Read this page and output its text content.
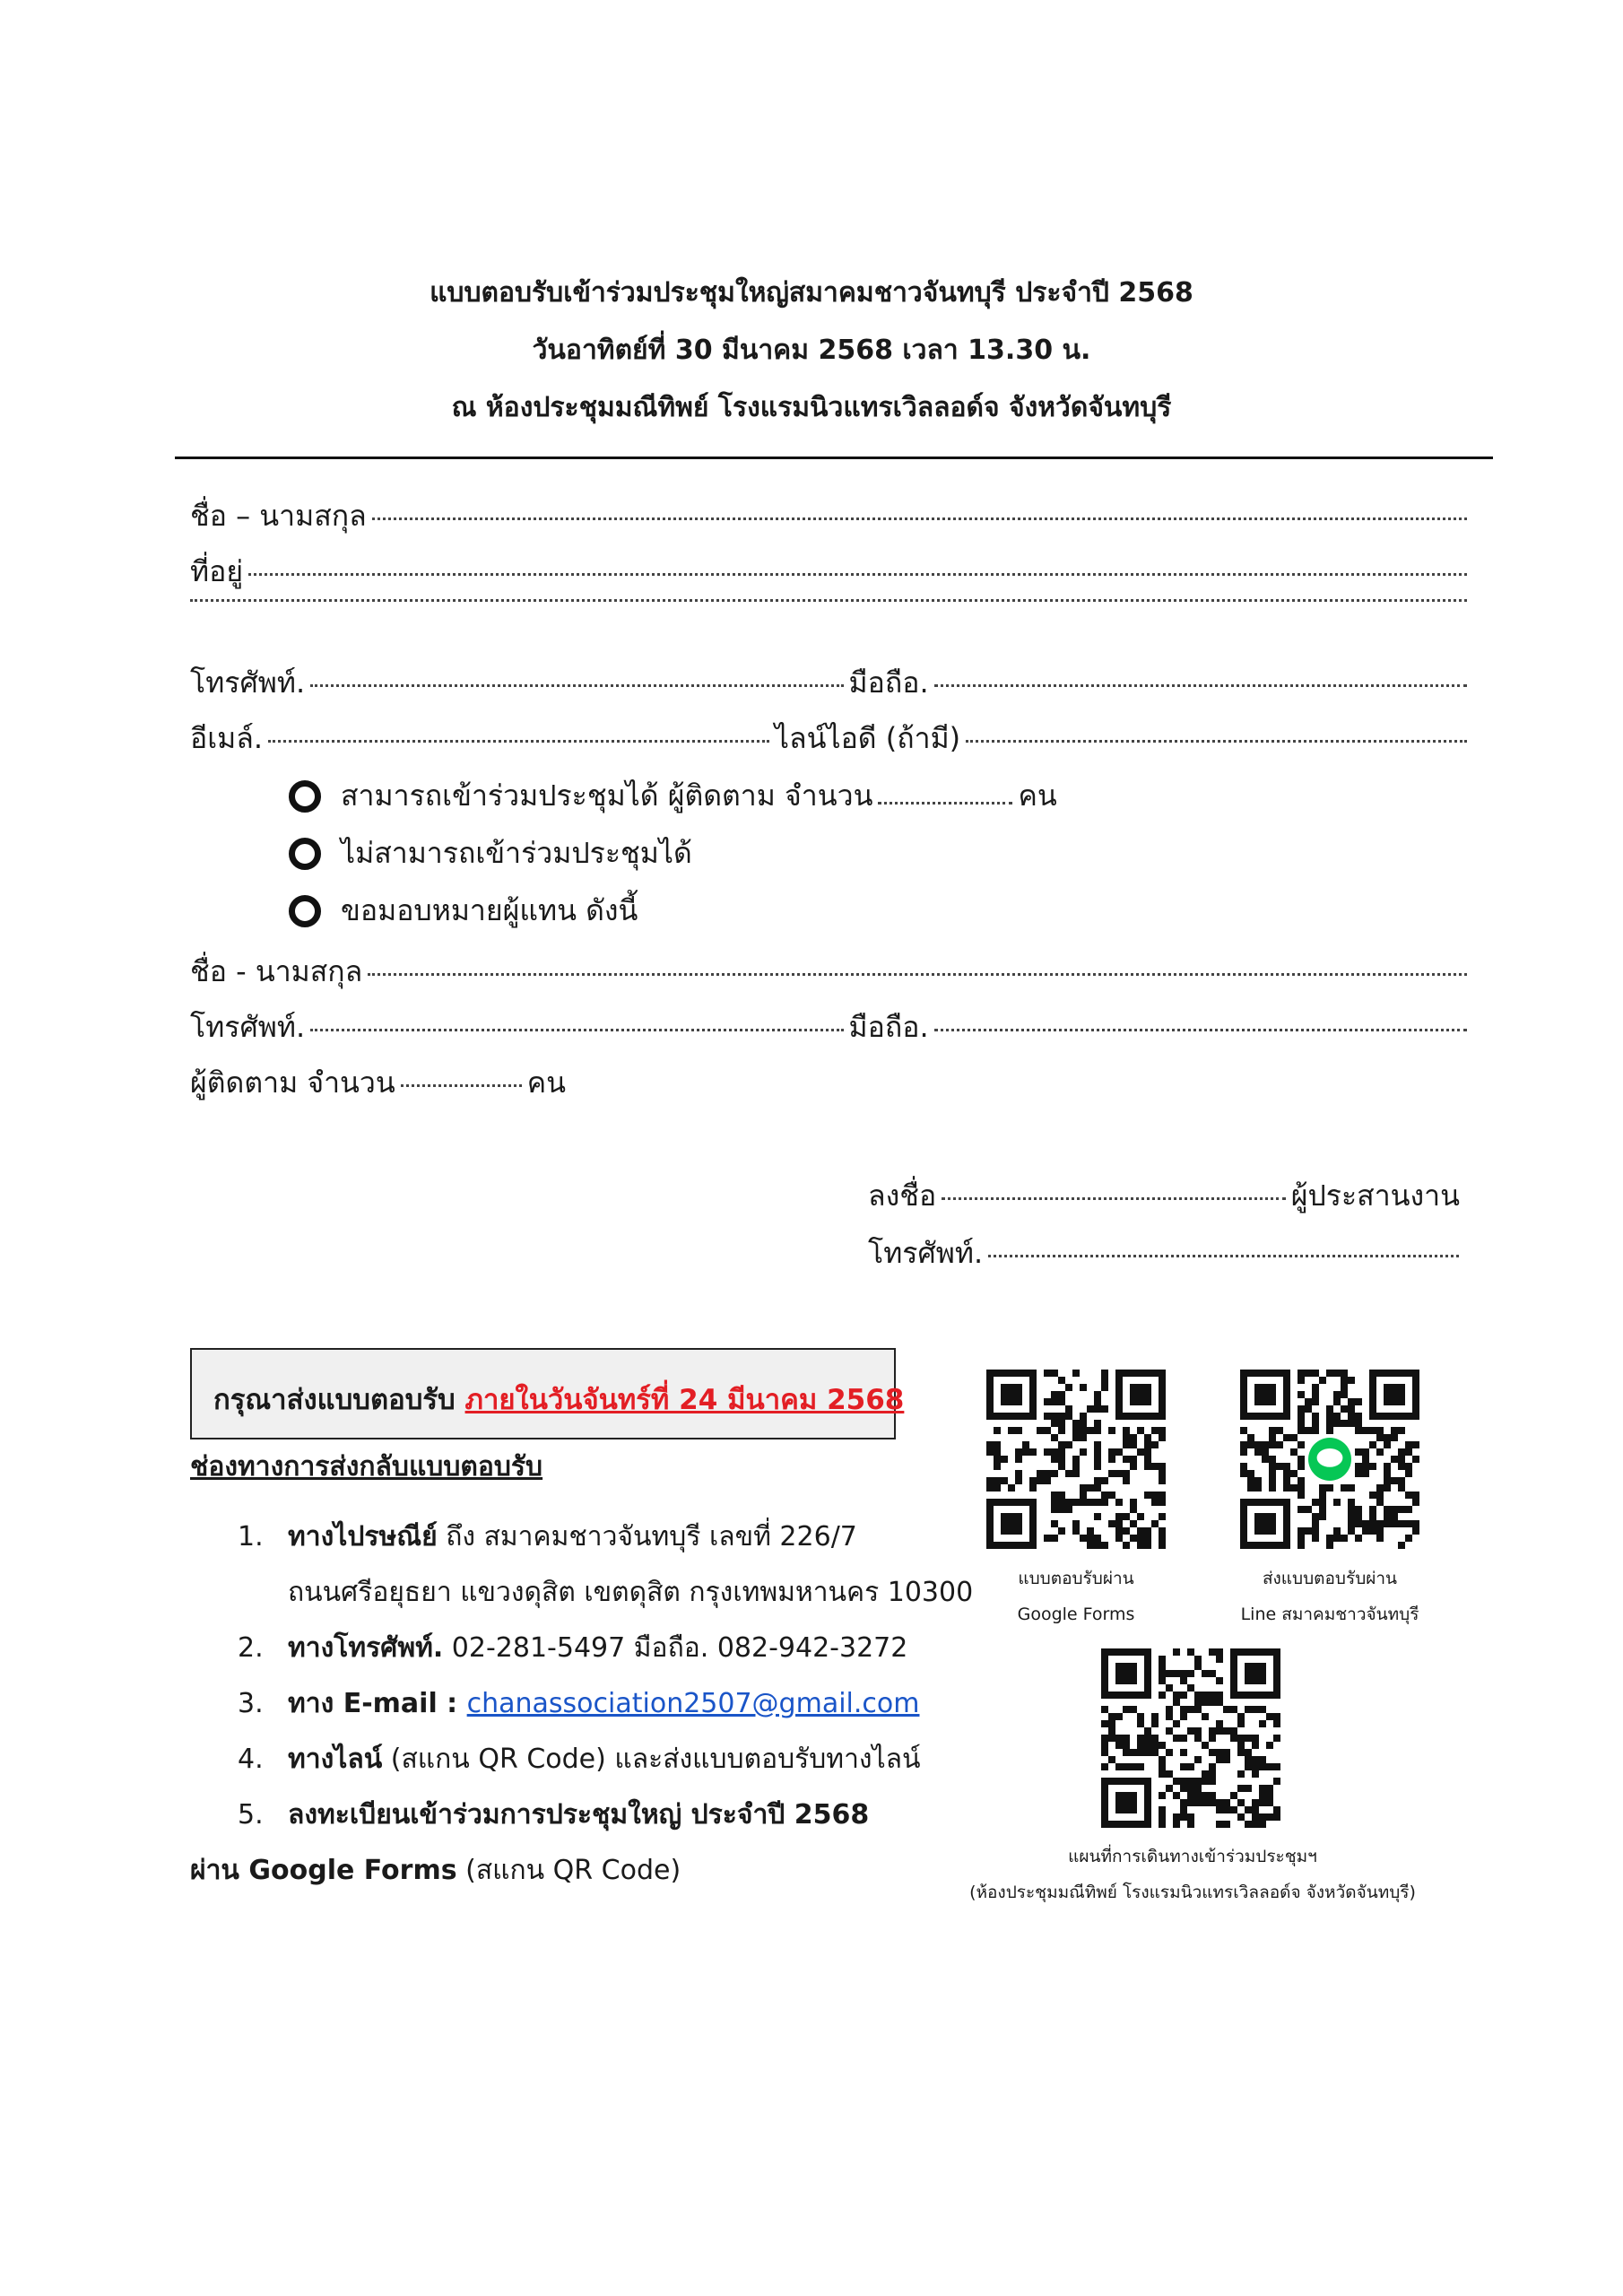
แบบตอบรับเข้าร่วมประชุมใหญ่สมาคมชาวจันทบุรี ประจำปี 2568
วันอาทิตย์ที่ 30 มีนาคม 2568 เวลา 13.30 น.
ณ ห้องประชุมมณีทิพย์ โรงแรมนิวแทรเวิลลอด์จ จังหวัดจันทบุรี
ชื่อ – นามสกุล
ที่อยู่
โทรศัพท์.	มือถือ.
อีเมล์.	ไลน์ไอดี (ถ้ามี)
สามารถเข้าร่วมประชุมได้ ผู้ติดตาม จำนวน	คน
ไม่สามารถเข้าร่วมประชุมได้
ขอมอบหมายผู้แทน ดังนี้
ชื่อ - นามสกุล
โทรศัพท์.	มือถือ.
ผู้ติดตาม จำนวน	คน
ลงชื่อ	ผู้ประสานงาน
โทรศัพท์.
กรุณาส่งแบบตอบรับ ภายในวันจันทร์ที่ 24 มีนาคม 2568
ช่องทางการส่งกลับแบบตอบรับ
1. ทางไปรษณีย์ ถึง สมาคมชาวจันทบุรี เลขที่ 226/7
ถนนศรีอยุธยา แขวงดุสิต เขตดุสิต กรุงเทพมหานคร 10300
2. ทางโทรศัพท์. 02-281-5497 มือถือ. 082-942-3272
3. ทาง E-mail : chanassociation2507@gmail.com
4. ทางไลน์ (สแกน QR Code) และส่งแบบตอบรับทางไลน์
5. ลงทะเบียนเข้าร่วมการประชุมใหญ่ ประจำปี 2568
ผ่าน Google Forms (สแกน QR Code)
แบบตอบรับผ่าน
Google Forms
ส่งแบบตอบรับผ่าน
Line สมาคมชาวจันทบุรี
แผนที่การเดินทางเข้าร่วมประชุมฯ
(ห้องประชุมมณีทิพย์ โรงแรมนิวแทรเวิลลอด์จ จังหวัดจันทบุรี)
